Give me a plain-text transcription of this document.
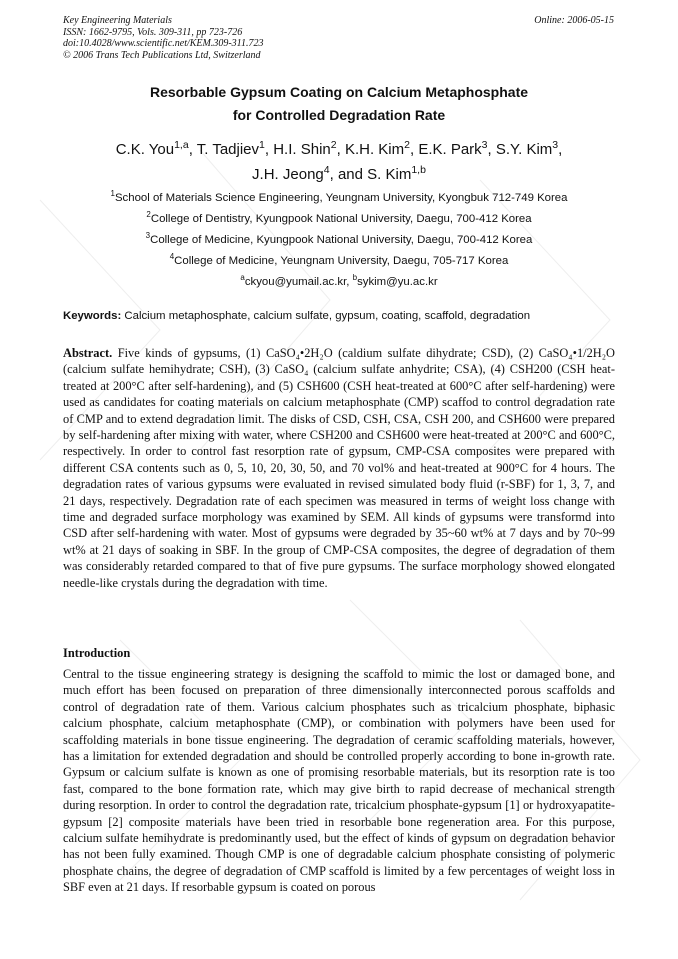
Key Engineering Materials
ISSN: 1662-9795, Vols. 309-311, pp 723-726
doi:10.4028/www.scientific.net/KEM.309-311.723
© 2006 Trans Tech Publications Ltd, Switzerland
Online: 2006-05-15
Resorbable Gypsum Coating on Calcium Metaphosphate
for Controlled Degradation Rate
C.K. You$^{1,a}$, T. Tadjiev$^1$, H.I. Shin$^2$, K.H. Kim$^2$, E.K. Park$^3$, S.Y. Kim$^3$,
J.H. Jeong$^4$, and S. Kim$^{1,b}$
$^1$School of Materials Science Engineering, Yeungnam University, Kyongbuk 712-749 Korea
$^2$College of Dentistry, Kyungpook National University, Daegu, 700-412 Korea
$^3$College of Medicine, Kyungpook National University, Daegu, 700-412 Korea
$^4$College of Medicine, Yeungnam University, Daegu, 705-717 Korea
$^a$ckyou@yumail.ac.kr, $^b$sykim@yu.ac.kr
Keywords: Calcium metaphosphate, calcium sulfate, gypsum, coating, scaffold, degradation
Abstract. Five kinds of gypsums, (1) CaSO₄•2H₂O (caldium sulfate dihydrate; CSD), (2) CaSO₄•1/2H₂O (calcium sulfate hemihydrate; CSH), (3) CaSO₄ (calcium sulfate anhydrite; CSA), (4) CSH200 (CSH heat-treated at 200°C after self-hardening), and (5) CSH600 (CSH heat-treated at 600°C after self-hardening) were used as candidates for coating materials on calcium metaphosphate (CMP) scaffod to control degradation rate of CMP and to extend degradation limit. The disks of CSD, CSH, CSA, CSH 200, and CSH600 were prepared by self-hardening after mixing with water, where CSH200 and CSH600 were heat-treated at 200°C and 600°C, respectively. In order to control fast resorption rate of gypsum, CMP-CSA composites were prepared with different CSA contents such as 0, 5, 10, 20, 30, 50, and 70 vol% and heat-treated at 900°C for 4 hours. The degradation rates of various gypsums were evaluated in revised simulated body fluid (r-SBF) for 1, 3, 7, and 21 days, respectively. Degradation rate of each specimen was measured in terms of weight loss change with time and degraded surface morphology was examined by SEM. All kinds of gypsums were transformd into CSD after self-hardening with water. Most of gypsums were degraded by 35~60 wt% at 7 days and by 70~99 wt% at 21 days of soaking in SBF. In the group of CMP-CSA composites, the degree of degradation of them was considerably retarded compared to that of five pure gypsums. The surface morphology showed elongated needle-like crystals during the degradation with time.
Introduction
Central to the tissue engineering strategy is designing the scaffold to mimic the lost or damaged bone, and much effort has been focused on preparation of three dimensionally interconnected porous scaffolds and control of degradation rate of them. Various calcium phosphates such as tricalcium phosphate, biphasic calcium phosphate, calcium metaphosphate (CMP), or combination with polymers have been used for scaffolding materials in bone tissue engineering. The degradation of ceramic scaffolding materials, however, has a limitation for extended degradation and should be controlled properly according to bone in-growth rate. Gypsum or calcium sulfate is known as one of promising resorbable materials, but its resorption rate is too fast, compared to the bone formation rate, which may give birth to rapid decrease of mechanical strength during resorption. In order to control the degradation rate, tricalcium phosphate-gypsum [1] or hydroxyapatite-gypsum [2] composite materials have been tried in resorbable bone regeneration area. For this purpose, calcium sulfate hemihydrate is predominantly used, but the effect of kinds of gypsum on degradation behavior has not been fully examined. Though CMP is one of degradable calcium phosphate consisting of polymeric phosphate chains, the degree of degradation of CMP scaffold is limited by a few percentages of weight loss in SBF even at 21 days. If resorbable gypsum is coated on porous
